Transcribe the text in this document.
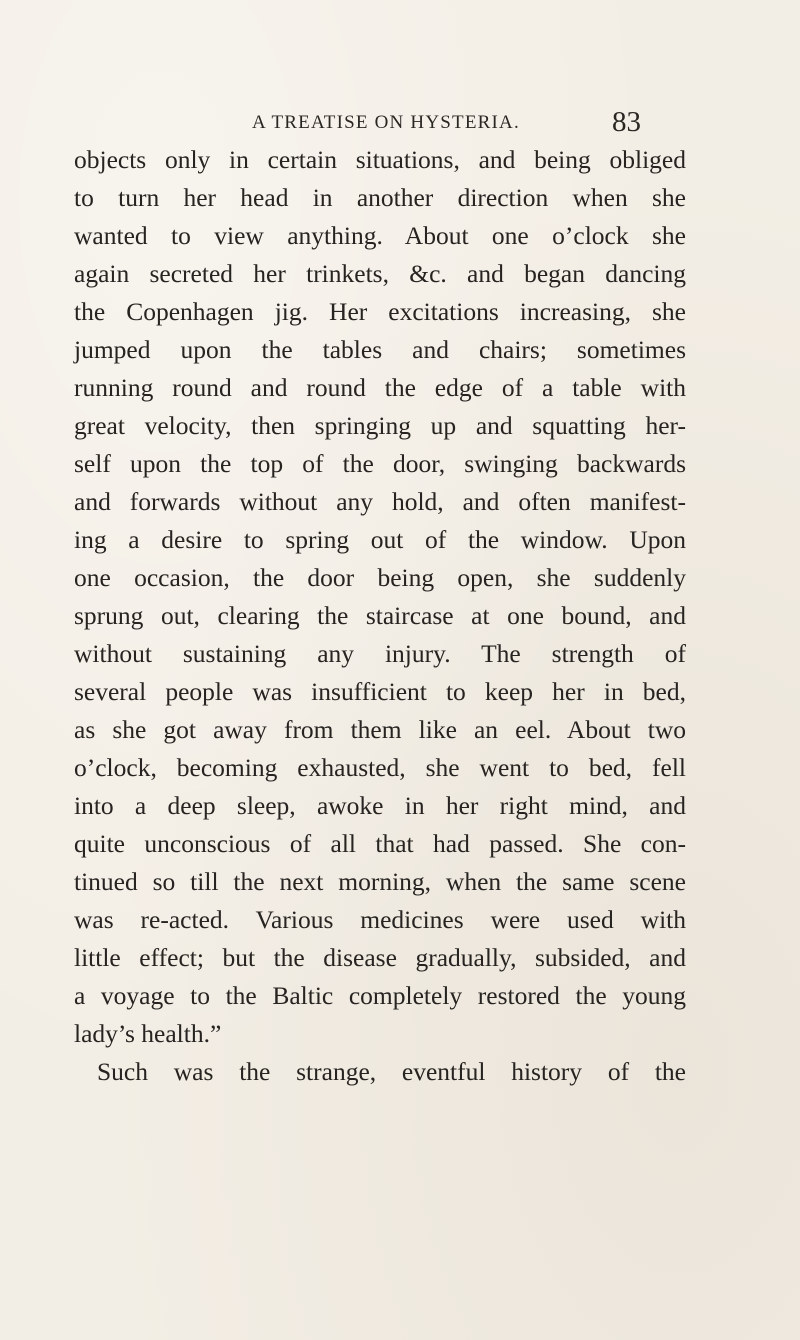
A TREATISE ON HYSTERIA.	83
objects only in certain situations, and being obliged
to turn her head in another direction when she
wanted to view anything. About one o’clock she
again secreted her trinkets, &c. and began dancing
the Copenhagen jig. Her excitations increasing, she
jumped upon the tables and chairs; sometimes
running round and round the edge of a table with
great velocity, then springing up and squatting her-
self upon the top of the door, swinging backwards
and forwards without any hold, and often manifest-
ing a desire to spring out of the window. Upon
one occasion, the door being open, she suddenly
sprung out, clearing the staircase at one bound, and
without sustaining any injury. The strength of
several people was insufficient to keep her in bed,
as she got away from them like an eel. About two
o’clock, becoming exhausted, she went to bed, fell
into a deep sleep, awoke in her right mind, and
quite unconscious of all that had passed. She con-
tinued so till the next morning, when the same scene
was re-acted. Various medicines were used with
little effect; but the disease gradually, subsided, and
a voyage to the Baltic completely restored the young
lady’s health.”
Such was the strange, eventful history of the
